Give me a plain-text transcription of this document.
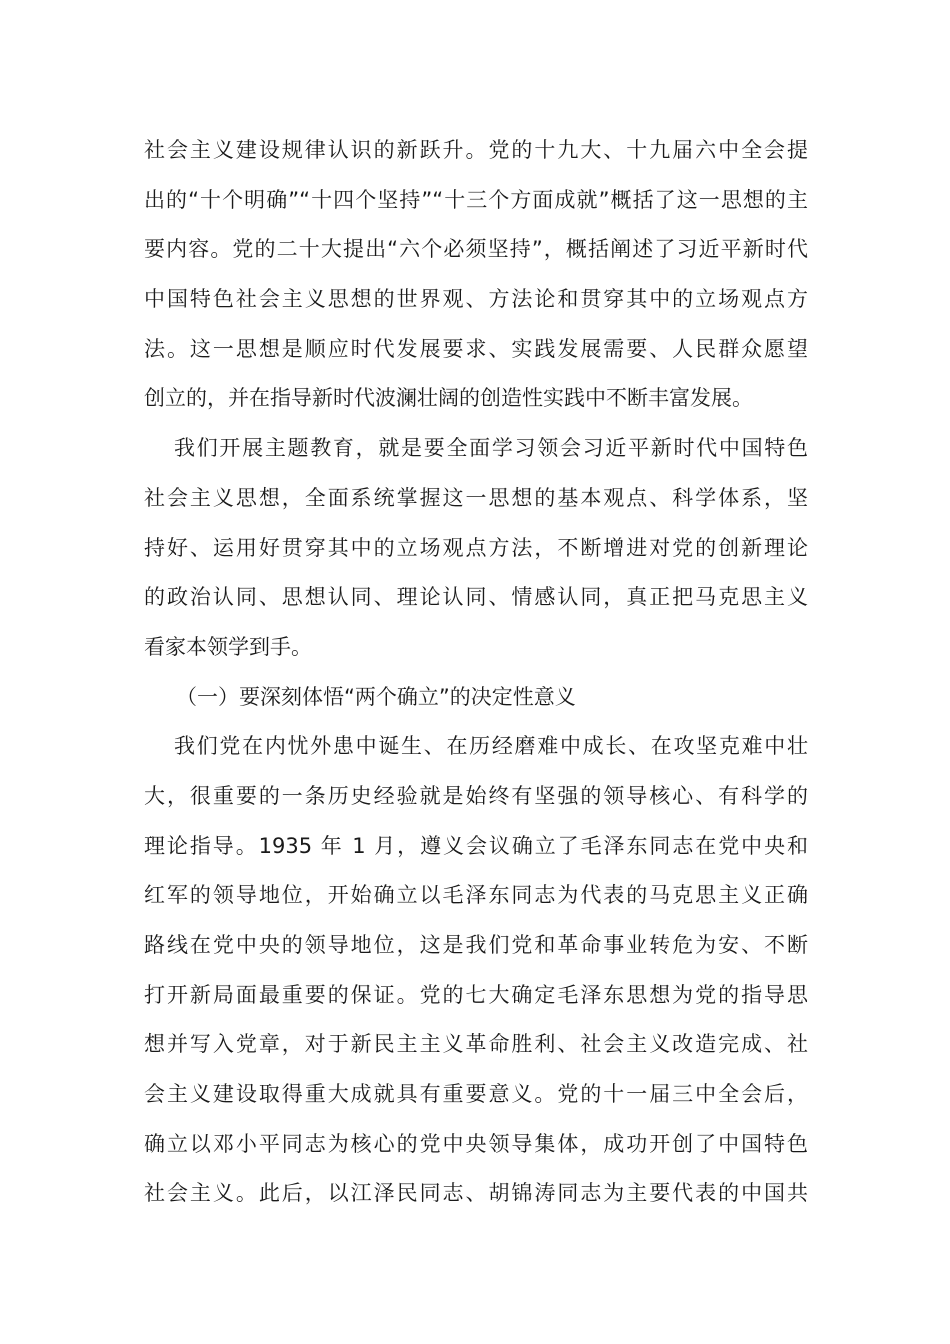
社会主义建设规律认识的新跃升。党的十九大、十九届六中全会提
出的“十个明确”“十四个坚持”“十三个方面成就”概括了这一思想的主
要内容。党的二十大提出“六个必须坚持”，概括阐述了习近平新时代
中国特色社会主义思想的世界观、方法论和贯穿其中的立场观点方
法。这一思想是顺应时代发展要求、实践发展需要、人民群众愿望
创立的，并在指导新时代波澜壮阔的创造性实践中不断丰富发展。
我们开展主题教育，就是要全面学习领会习近平新时代中国特色
社会主义思想，全面系统掌握这一思想的基本观点、科学体系，坚
持好、运用好贯穿其中的立场观点方法，不断增进对党的创新理论
的政治认同、思想认同、理论认同、情感认同，真正把马克思主义
看家本领学到手。
（一）要深刻体悟“两个确立”的决定性意义
我们党在内忧外患中诞生、在历经磨难中成长、在攻坚克难中壮
大，很重要的一条历史经验就是始终有坚强的领导核心、有科学的
理论指导。1935 年 1 月，遵义会议确立了毛泽东同志在党中央和
红军的领导地位，开始确立以毛泽东同志为代表的马克思主义正确
路线在党中央的领导地位，这是我们党和革命事业转危为安、不断
打开新局面最重要的保证。党的七大确定毛泽东思想为党的指导思
想并写入党章，对于新民主主义革命胜利、社会主义改造完成、社
会主义建设取得重大成就具有重要意义。党的十一届三中全会后，
确立以邓小平同志为核心的党中央领导集体，成功开创了中国特色
社会主义。此后，以江泽民同志、胡锦涛同志为主要代表的中国共
